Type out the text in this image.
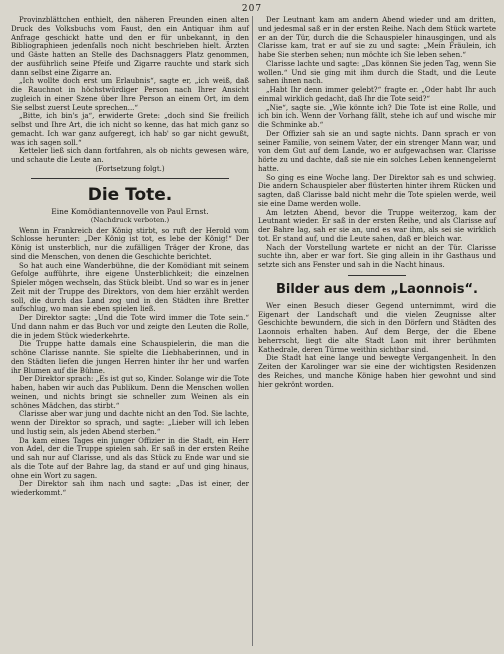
207

Provinzblättchen enthielt, den näheren Freunden einen alten Druck des Volksbuchs vom Faust, den ein Antiquar ihm auf Anfrage geschickt hatte und den er für unbekannt, in den Bibliographieen jedenfalls noch nicht beschrieben hielt. Ärzten und Gäste hatten an Stelle des Dachsnaggers Platz genommen, der ausführlich seine Pfeife und Zigarre rauchte und stark sich dann selbst eine Zigarre an.

„Ich wollte doch erst um Erlaubnis“, sagte er, „ich weiß, daß die Rauchnot in höchstwürdiger Person nach Ihrer Ansicht zugleich in einer Szene über Ihre Person an einem Ort, im dem Sie selbst zuerst Leute sprechen...“

„Bitte, ich bin's ja“, erwiderte Grete: „doch sind Sie freilich selbst und Ihre Art, die ich nicht so kenne, das hat mich ganz so gemacht. Ich war ganz aufgeregt, ich hab' so gar nicht gewußt, was ich sagen soll.“

Ketteler ließ sich dann fortfahren, als ob nichts gewesen wäre, und schaute die Leute an.

(Fortsetzung folgt.)

Die Tote.

Eine Komödiantennovelle von Paul Ernst.

(Nachdruck verboten.)

Wenn in Frankreich der König stirbt, so ruft der Herold vom Schlosse herunter: „Der König ist tot, es lebe der König!“ Der König ist unsterblich, nur die zufälligen Träger der Krone, das sind die Menschen, von denen die Geschichte berichtet.

So hat auch eine Wanderbühne, die der Komödiant mit seinem Gefolge aufführte, ihre eigene Unsterblichkeit; die einzelnen Spieler mögen wechseln, das Stück bleibt. Und so war es in jener Zeit mit der Truppe des Direktors, von dem hier erzählt werden soll, die durch das Land zog und in den Städten ihre Bretter aufschlug, wo man sie eben spielen ließ.

Der Direktor sagte: „Und die Tote wird immer die Tote sein.“ Und dann nahm er das Buch vor und zeigte den Leuten die Rolle, die in jedem Stück wiederkehrte.

Die Truppe hatte damals eine Schauspielerin, die man die schöne Clarisse nannte. Sie spielte die Liebhaberinnen, und in den Städten liefen die jungen Herren hinter ihr her und warfen ihr Blumen auf die Bühne.

Der Direktor sprach: „Es ist gut so, Kinder. Solange wir die Tote haben, haben wir auch das Publikum. Denn die Menschen wollen weinen, und nichts bringt sie schneller zum Weinen als ein schönes Mädchen, das stirbt.“

Clarisse aber war jung und dachte nicht an den Tod. Sie lachte, wenn der Direktor so sprach, und sagte: „Lieber will ich leben und lustig sein, als jeden Abend sterben.“

Da kam eines Tages ein junger Offizier in die Stadt, ein Herr von Adel, der die Truppe spielen sah. Er saß in der ersten Reihe und sah nur auf Clarisse, und als das Stück zu Ende war und sie als die Tote auf der Bahre lag, da stand er auf und ging hinaus, ohne ein Wort zu sagen.

Der Direktor sah ihm nach und sagte: „Das ist einer, der wiederkommt.“

Der Leutnant kam am andern Abend wieder und am dritten, und jedesmal saß er in der ersten Reihe. Nach dem Stück wartete er an der Tür, durch die die Schauspieler hinausgingen, und als Clarisse kam, trat er auf sie zu und sagte: „Mein Fräulein, ich habe Sie sterben sehen; nun möchte ich Sie leben sehen.“

Clarisse lachte und sagte: „Das können Sie jeden Tag, wenn Sie wollen.“ Und sie ging mit ihm durch die Stadt, und die Leute sahen ihnen nach.

„Habt Ihr denn immer gelebt?“ fragte er. „Oder habt Ihr auch einmal wirklich gedacht, daß Ihr die Tote seid?“

„Nie“, sagte sie. „Wie könnte ich? Die Tote ist eine Rolle, und ich bin ich. Wenn der Vorhang fällt, stehe ich auf und wische mir die Schminke ab.“

Der Offizier sah sie an und sagte nichts. Dann sprach er von seiner Familie, von seinem Vater, der ein strenger Mann war, und von dem Gut auf dem Lande, wo er aufgewachsen war. Clarisse hörte zu und dachte, daß sie nie ein solches Leben kennengelernt hatte.

So ging es eine Woche lang. Der Direktor sah es und schwieg. Die andern Schauspieler aber flüsterten hinter ihrem Rücken und sagten, daß Clarisse bald nicht mehr die Tote spielen werde, weil sie eine Dame werden wolle.

Am letzten Abend, bevor die Truppe weiterzog, kam der Leutnant wieder. Er saß in der ersten Reihe, und als Clarisse auf der Bahre lag, sah er sie an, und es war ihm, als sei sie wirklich tot. Er stand auf, und die Leute sahen, daß er bleich war.

Nach der Vorstellung wartete er nicht an der Tür. Clarisse suchte ihn, aber er war fort. Sie ging allein in ihr Gasthaus und setzte sich ans Fenster und sah in die Nacht hinaus.

Bilder aus dem „Laonnois“.

Wer einen Besuch dieser Gegend unternimmt, wird die Eigenart der Landschaft und die vielen Zeugnisse alter Geschichte bewundern, die sich in den Dörfern und Städten des Laonnois erhalten haben. Auf dem Berge, der die Ebene beherrscht, liegt die alte Stadt Laon mit ihrer berühmten Kathedrale, deren Türme weithin sichtbar sind.

Die Stadt hat eine lange und bewegte Vergangenheit. In den Zeiten der Karolinger war sie eine der wichtigsten Residenzen des Reiches, und manche Könige haben hier gewohnt und sind hier gekrönt worden.
